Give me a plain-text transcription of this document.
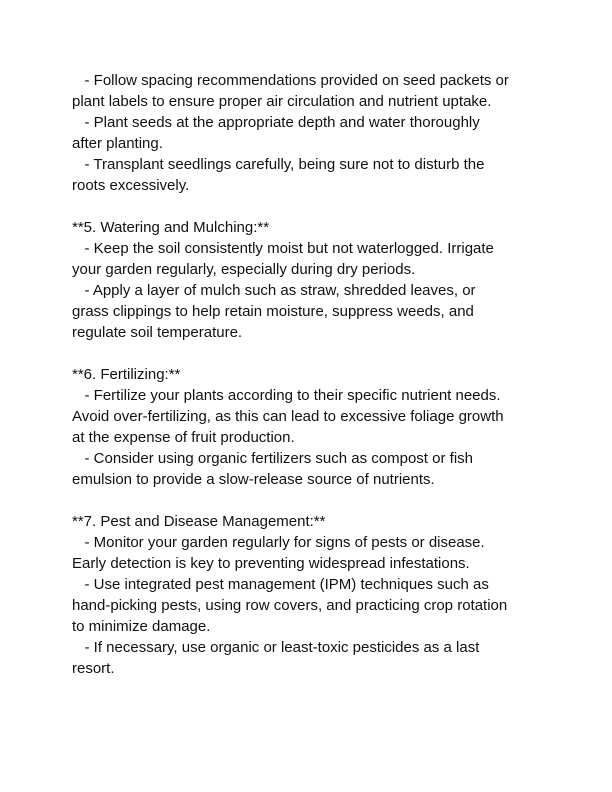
- Follow spacing recommendations provided on seed packets or
plant labels to ensure proper air circulation and nutrient uptake.
- Plant seeds at the appropriate depth and water thoroughly
after planting.
- Transplant seedlings carefully, being sure not to disturb the
roots excessively.
**5. Watering and Mulching:**
- Keep the soil consistently moist but not waterlogged. Irrigate
your garden regularly, especially during dry periods.
- Apply a layer of mulch such as straw, shredded leaves, or
grass clippings to help retain moisture, suppress weeds, and
regulate soil temperature.
**6. Fertilizing:**
- Fertilize your plants according to their specific nutrient needs.
Avoid over-fertilizing, as this can lead to excessive foliage growth
at the expense of fruit production.
- Consider using organic fertilizers such as compost or fish
emulsion to provide a slow-release source of nutrients.
**7. Pest and Disease Management:**
- Monitor your garden regularly for signs of pests or disease.
Early detection is key to preventing widespread infestations.
- Use integrated pest management (IPM) techniques such as
hand-picking pests, using row covers, and practicing crop rotation
to minimize damage.
- If necessary, use organic or least-toxic pesticides as a last
resort.
